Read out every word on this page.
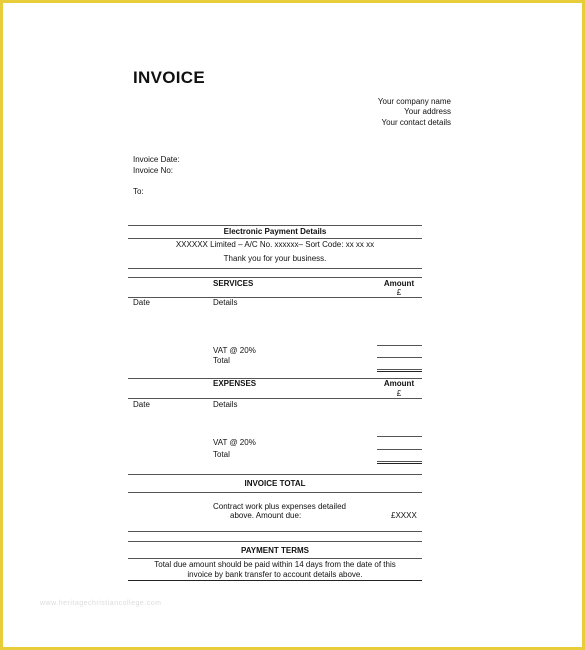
INVOICE
Your company name
Your address
Your contact details
Invoice Date:
Invoice No:
To:
Electronic Payment Details
XXXXXX Limited – A/C No. xxxxxx– Sort Code: xx xx xx
Thank you for your business.
SERVICES	Amount
£
Date	Details
VAT @ 20%
Total
EXPENSES	Amount
£
Date	Details
VAT @ 20%
Total
INVOICE TOTAL
Contract work plus expenses detailed
above. Amount due:	£XXXX
PAYMENT TERMS
Total due amount should be paid within 14 days from the date of this
invoice by bank transfer to account details above.
www.heritagechristiancollege.com
